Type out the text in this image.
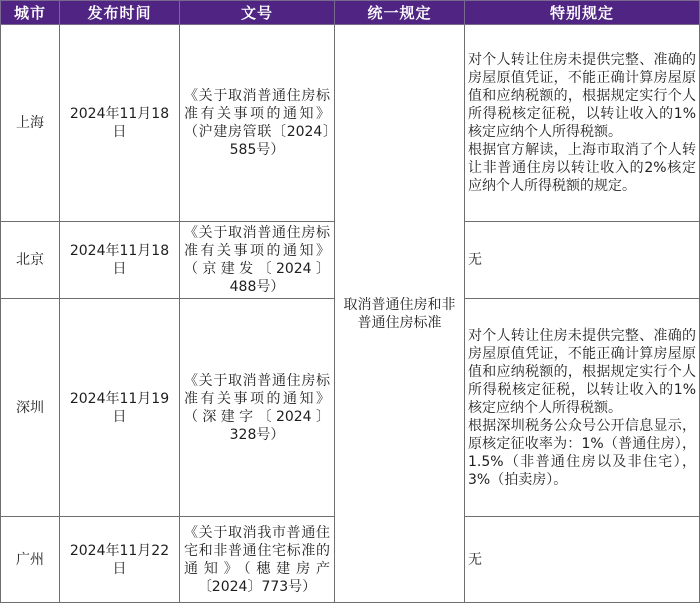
城市	发布时间	文号	统一规定	特别规定
上海	2024年11月18日	《关于取消普通住房标准有关事项的通知》（沪建房管联〔2024〕585号）	取消普通住房和非普通住房标准	对个人转让住房未提供完整、准确的房屋原值凭证，不能正确计算房屋原值和应纳税额的，根据规定实行个人所得税核定征税，以转让收入的1%核定应纳个人所得税额。

根据官方解读，上海市取消了个人转让非普通住房以转让收入的2%核定应纳个人所得税额的规定。

北京	2024年11月18日	《关于取消普通住房标准有关事项的通知》（京建发〔2024〕488号）		无

深圳	2024年11月19日	《关于取消普通住房标准有关事项的通知》（深建字〔2024〕328号）		对个人转让住房未提供完整、准确的房屋原值凭证，不能正确计算房屋原值和应纳税额的，根据规定实行个人所得税核定征税，以转让收入的1%核定应纳个人所得税额。

根据深圳税务公众号公开信息显示，原核定征收率为：1%（普通住房），1.5%（非普通住房以及非住宅），3%（拍卖房）。

广州	2024年11月22日	《关于取消我市普通住宅和非普通住宅标准的通知》（穗建房产〔2024〕773号）		无
